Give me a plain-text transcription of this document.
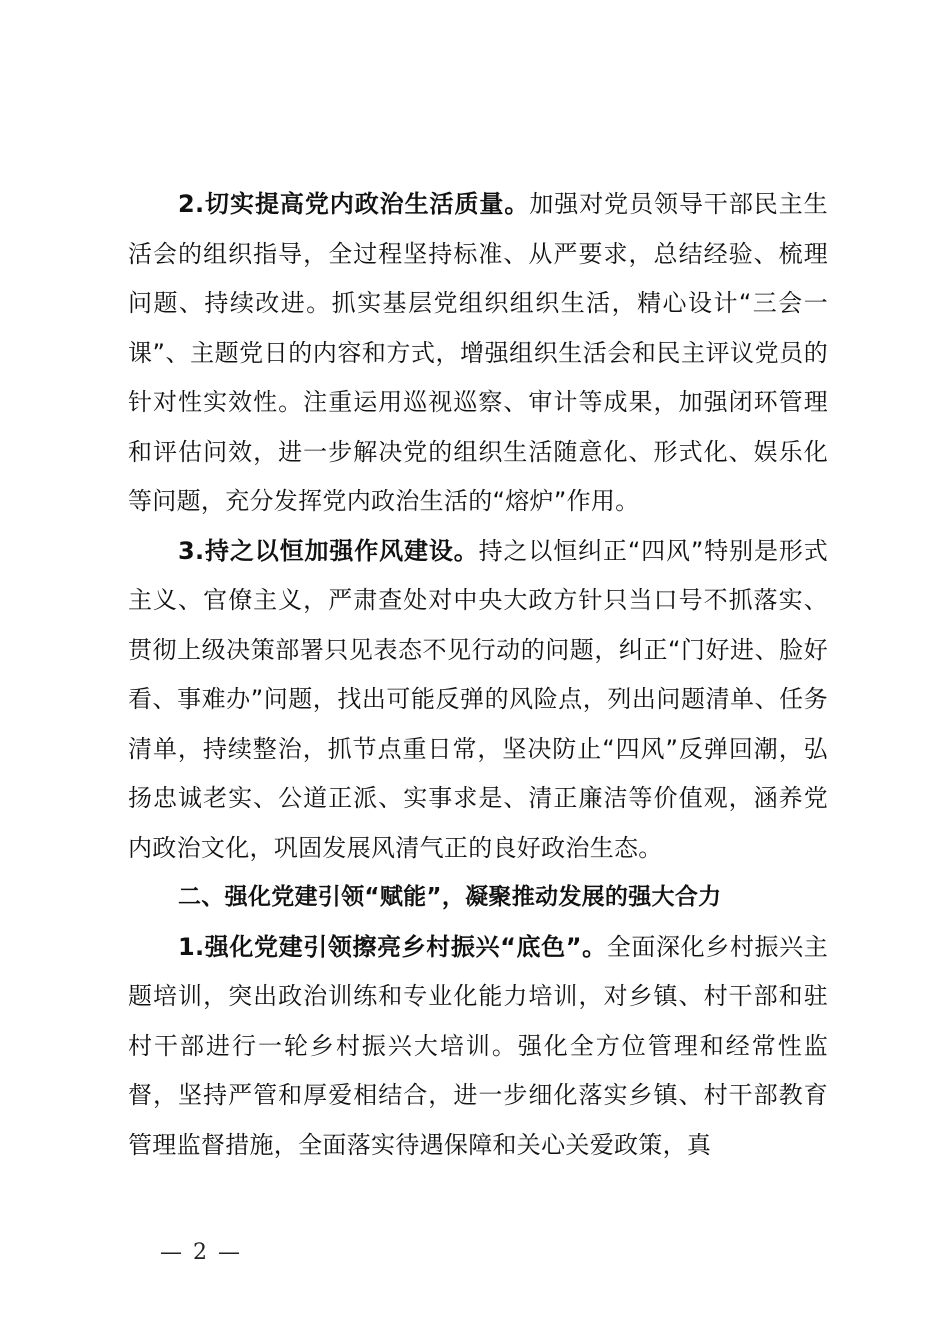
2.切实提高党内政治生活质量。加强对党员领导干部民主生活会的组织指导，全过程坚持标准、从严要求，总结经验、梳理问题、持续改进。抓实基层党组织组织生活，精心设计“三会一课”、主题党日的内容和方式，增强组织生活会和民主评议党员的针对性实效性。注重运用巡视巡察、审计等成果，加强闭环管理和评估问效，进一步解决党的组织生活随意化、形式化、娱乐化等问题，充分发挥党内政治生活的“熔炉”作用。

3.持之以恒加强作风建设。持之以恒纠正“四风”特别是形式主义、官僚主义，严肃查处对中央大政方针只当口号不抓落实、贯彻上级决策部署只见表态不见行动的问题，纠正“门好进、脸好看、事难办”问题，找出可能反弹的风险点，列出问题清单、任务清单，持续整治，抓节点重日常，坚决防止“四风”反弹回潮，弘扬忠诚老实、公道正派、实事求是、清正廉洁等价值观，涵养党内政治文化，巩固发展风清气正的良好政治生态。

二、强化党建引领“赋能”，凝聚推动发展的强大合力

1.强化党建引领擦亮乡村振兴“底色”。全面深化乡村振兴主题培训，突出政治训练和专业化能力培训，对乡镇、村干部和驻村干部进行一轮乡村振兴大培训。强化全方位管理和经常性监督，坚持严管和厚爱相结合，进一步细化落实乡镇、村干部教育管理监督措施，全面落实待遇保障和关心关爱政策，真

— 2 —
